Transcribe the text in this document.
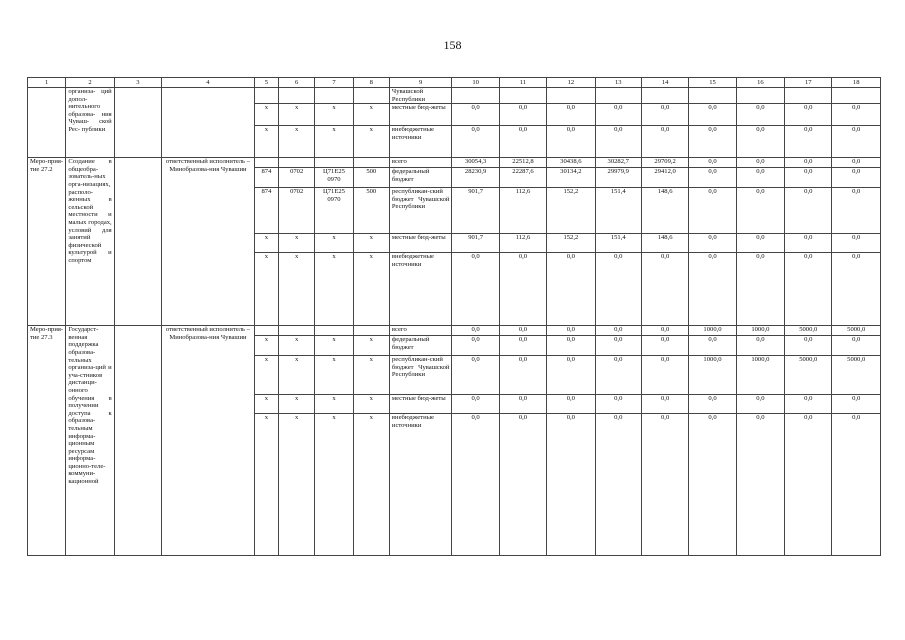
158
1	2	3	4	5	6	7	8	9	10	11	12	13	14	15	16	17	18
	организа- ций допол- нительного образова- ния Чуваш- ской Рес- публики							Чувашской Республики									
				x	x	x	x	местные бюд-жеты	0,0	0,0	0,0	0,0	0,0	0,0	0,0	0,0	0,0
				x	x	x	x	внебюджетные источники	0,0	0,0	0,0	0,0	0,0	0,0	0,0	0,0	0,0
Меро-прия-тие 27.2	Создание в общеобра-зователь-ных орга-низациях, располо-женных в сельской местности и малых городах, условий для занятий физической культурой и спортом		ответственный исполнитель – Минобразова-ния Чувашии					всего	30054,3	22512,8	30438,6	30282,7	29709,2	0,0	0,0	0,0	0,0
				874	0702	Ц71Е25 0970	500	федеральный бюджет	28230,9	22287,6	30134,2	29979,9	29412,0	0,0	0,0	0,0	0,0
				874	0702	Ц71Е25 0970	500	республикан-ский бюджет Чувашской Республики	901,7	112,6	152,2	151,4	148,6	0,0	0,0	0,0	0,0
				x	x	x	x	местные бюд-жеты	901,7	112,6	152,2	151,4	148,6	0,0	0,0	0,0	0,0
				x	x	x	x	внебюджетные источники	0,0	0,0	0,0	0,0	0,0	0,0	0,0	0,0	0,0
Меро-прия-тие 27.3	Государст-венная поддержка образова-тельных организа-ций и уча-стников дистанци-онного обучения в получении доступа к образова-тельным информа-ционным ресурсам информа-ционно-теле-коммуни-кационной		ответственный исполнитель – Минобразова-ния Чувашии					всего	0,0	0,0	0,0	0,0	0,0	1000,0	1000,0	5000,0	5000,0
				x	x	x	x	федеральный бюджет	0,0	0,0	0,0	0,0	0,0	0,0	0,0	0,0	0,0
				x	x	x	x	республикан-ский бюджет Чувашской Республики	0,0	0,0	0,0	0,0	0,0	1000,0	1000,0	5000,0	5000,0
				x	x	x	x	местные бюд-жеты	0,0	0,0	0,0	0,0	0,0	0,0	0,0	0,0	0,0
				x	x	x	x	внебюджетные источники	0,0	0,0	0,0	0,0	0,0	0,0	0,0	0,0	0,0
